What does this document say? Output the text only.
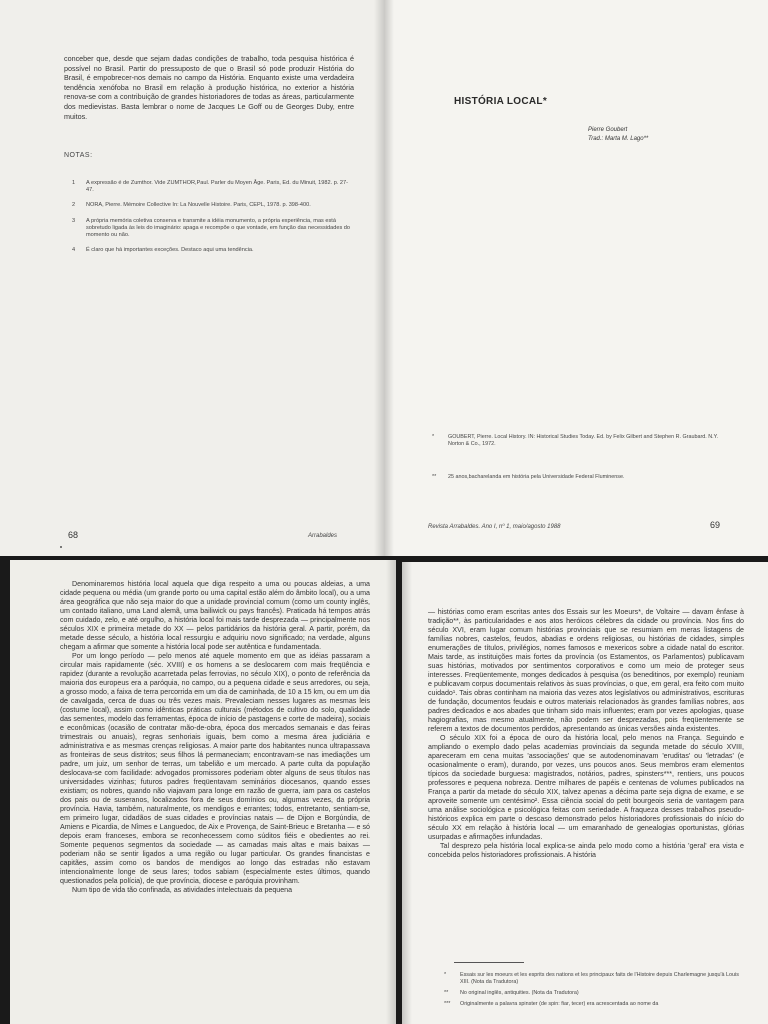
conceber que, desde que sejam dadas condições de trabalho, toda pesquisa histórica é possível no Brasil. Partir do pressuposto de que o Brasil só pode produzir História do Brasil, é empobrecer-nos demais no campo da História. Enquanto existe uma verdadeira tendência xenófoba no Brasil em relação à produção histórica, no exterior a história renova-se com a contribuição de grandes historiadores de todas as áreas, particularmente dos medievistas. Basta lembrar o nome de Jacques Le Goff ou de Georges Duby, entre muitos.

NOTAS:
1	A expressão é de Zumthor. Vide ZUMTHOR,Paul. Parler du Moyen Âge. Paris, Ed. du Minuit, 1982. p. 27-47.
2	NORA, Pierre. Mémoire Collective In: La Nouvelle Histoire. Paris, CEPL, 1978. p. 398-400.
3	A própria memória coletiva conserva e transmite a idéia monumento, a própria experiência, mas está sobretudo ligada às leis do imaginário: apaga e recompõe o que vontade, em função das necessidades do momento ou não.
4	É claro que há importantes exceções. Destaco aqui uma tendência.
68	Arrabaldes
HISTÓRIA LOCAL*
Pierre Goubert
Trad.: Marta M. Lago**
*	GOUBERT, Pierre. Local History. IN: Historical Studies Today. Ed. by Felix Gilbert and Stephen R. Graubard. N.Y. Norton & Co., 1972.
**	25 anos,bacharelanda em história pela Universidade Federal Fluminense.
Revista Arrabaldes. Ano I, nº 1, maio/agosto 1988	69

Denominaremos história local aquela que diga respeito a uma ou poucas aldeias, a uma cidade pequena ou média (um grande porto ou uma capital estão além do âmbito local), ou a uma área geográfica que não seja maior do que a unidade provincial comum (como um county inglês, um contado italiano, uma Land alemã, uma bailiwick ou pays francês). Praticada há tempos atrás com cuidado, zelo, e até orgulho, a história local foi mais tarde desprezada — principalmente nos séculos XIX e primeira metade do XX — pelos partidários da história geral. A partir, porém, da metade desse século, a história local ressurgiu e adquiriu novo significado; na verdade, alguns chegam a afirmar que somente a história local pode ser autêntica e fundamentada.

Por um longo período — pelo menos até aquele momento em que as idéias passaram a circular mais rapidamente (séc. XVIII) e os homens a se deslocarem com mais freqüência e rapidez (durante a revolução acarretada pelas ferrovias, no século XIX), o ponto de referência da maioria dos europeus era a paróquia, no campo, ou a pequena cidade e seus arredores, ou seja, a grosso modo, a faixa de terra percorrida em um dia de caminhada, de 10 a 15 km, ou em um dia de cavalgada, cerca de duas ou três vezes mais. Prevaleciam nesses lugares as mesmas leis (costume local), assim como idênticas práticas culturais (métodos de cultivo do solo, qualidade das sementes, modelo das ferramentas, época de início de pastagens e corte de madeira), sociais e econômicas (ocasião de contratar mão-de-obra, época dos mercados semanais e das feiras trimestrais ou anuais), regras senhoriais iguais, bem como a mesma área judiciária e administrativa e as mesmas crenças religiosas. A maior parte dos habitantes nunca ultrapassava as fronteiras de seus distritos; seus filhos lá permaneciam; encontravam-se nas imediações um padre, um juiz, um senhor de terras, um tabelião e um mercado. A parte culta da população deslocava-se com facilidade: advogados promissores poderiam obter alguns de seus títulos nas universidades vizinhas; futuros padres freqüentavam seminários diocesanos, quando esses existiam; os nobres, quando não viajavam para longe em razão de guerra, iam para os castelos dos pais ou de suseranos, localizados fora de seus domínios ou, algumas vezes, da própria província. Havia, também, naturalmente, os mendigos e errantes; todos, entretanto, sentiam-se, em primeiro lugar, cidadãos de suas cidades e províncias natais — de Dijon e Borgúndia, de Amiens e Picardia, de Nîmes e Languedoc, de Aix e Provença, de Saint-Brieuc e Bretanha — e só depois eram franceses, embora se reconhecessem como súditos fiéis e obedientes ao rei. Somente pequenos segmentos da sociedade — as camadas mais altas e mais baixas — poderiam não se sentir ligados a uma região ou lugar particular. Os grandes financistas e capitães, assim como os bandos de mendigos ao longo das estradas não estavam intencionalmente longe de seus lares; todos sabiam (especialmente estes últimos, quando questionados pela polícia), de que província, diocese e paróquia provinham.

Num tipo de vida tão confinada, as atividades intelectuais da pequena

— histórias como eram escritas antes dos Essais sur les Moeurs*, de Voltaire — davam ênfase à tradição**, às particularidades e aos atos heróicos célebres da cidade ou província. Nos fins do século XVI, eram lugar comum histórias provinciais que se resumiam em meras listagens de famílias nobres, castelos, feudos, abadias e ordens religiosas, ou histórias de cidades, simples enumerações de títulos, privilégios, nomes famosos e mexericos sobre a cidade natal do escritor. Mais tarde, as instituições mais fortes da província (os Estamentos, os Parlamentos) publicavam suas histórias, motivados por sentimentos corporativos e como um meio de proteger seus interesses. Freqüentemente, monges dedicados à pesquisa (os beneditinos, por exemplo) reuniam e publicavam corpus documentais relativos às suas províncias, o que, em geral, era feito com muito cuidado¹. Tais obras continham na maioria das vezes atos legislativos ou administrativos, escrituras de fundação, documentos feudais e outros materiais relacionados às grandes famílias nobres, aos padres dedicados e aos abades que tinham sido mais influentes; eram por vezes apologias, quase hagiografias, mas mesmo atualmente, não podem ser desprezadas, pois freqüentemente se referem a textos de documentos perdidos, apresentando as únicas versões ainda existentes.

O século XIX foi a época de ouro da história local, pelo menos na França. Seguindo e ampliando o exemplo dado pelas academias provinciais da segunda metade do século XVIII, apareceram em cena muitas 'associações' que se autodenominavam 'eruditas' ou 'letradas' (e ocasionalmente o eram), durando, por vezes, uns poucos anos. Seus membros eram elementos típicos da sociedade burguesa: magistrados, notários, padres, spinsters***, rentiers, uns poucos professores e pequena nobreza. Dentre milhares de papéis e centenas de volumes publicados na França a partir da metade do século XIX, talvez apenas a décima parte seja digna de exame, e se aproveite somente um centésimo². Essa ciência social do petit bourgeois seria de vantagem para uma análise sociológica e psicológica feitas com seriedade. A fraqueza desses trabalhos pseudo-históricos explica em parte o descaso demonstrado pelos historiadores profissionais do início do século XX em relação à história local — um emaranhado de genealogias oportunistas, glórias usurpadas e afirmações infundadas.

Tal desprezo pela história local explica-se ainda pelo modo como a história 'geral' era vista e concebida pelos historiadores profissionais. A história

*	Essais sur les moeurs et les esprits des nations et les principaux faits de l'Histoire depuis Charlemagne jusqu'à Louis XIII. (Nota da Tradutora)
**	No original inglês, antiquities. (Nota da Tradutora)
***	Originalmente a palavra spinster (de spin: fiar, tecer) era acrescentada ao nome da
